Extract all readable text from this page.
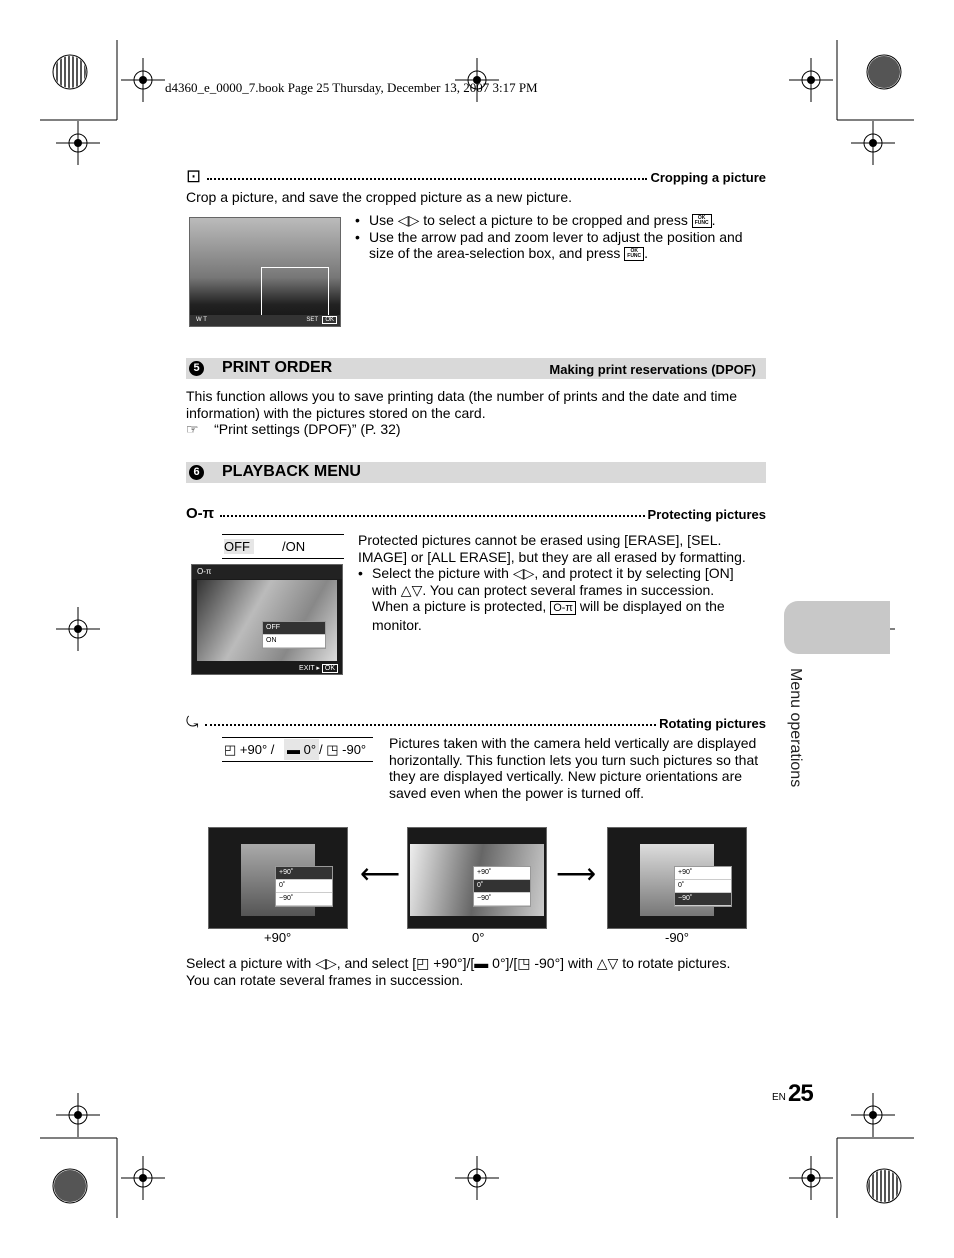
d4360_e_0000_7.book Page 25 Thursday, December 13, 2007 3:17 PM
⊡	Cropping a picture
Crop a picture, and save the cropped picture as a new picture.
W T	SET	OK
• Use ◁▷ to select a picture to be cropped and press OK
FUNC .
• Use the arrow pad and zoom lever to adjust the position and
size of the area-selection box, and press OK
FUNC .
5 PRINT ORDER	Making print reservations (DPOF)
This function allows you to save printing data (the number of prints and the date and time
information) with the pictures stored on the card.
☞ “Print settings (DPOF)” (P. 32)
6 PLAYBACK MENU
O‐π	Protecting pictures
OFF	/ON
O‐π
OFF
ON
EXIT ▸ OK
Protected pictures cannot be erased using [ERASE], [SEL.
IMAGE] or [ALL ERASE], but they are all erased by formatting.
• Select the picture with ◁▷, and protect it by selecting [ON]
with △▽. You can protect several frames in succession.
When a picture is protected, O‐π will be displayed on the
monitor.
⤿	Rotating pictures
◰ +90° / ▬ 0° / ◳ -90° Pictures taken with the camera held vertically are displayed
horizontally. This function lets you turn such pictures so that
they are displayed vertically. New picture orientations are
saved even when the power is turned off.
+90˚
0˚
−90˚
+90˚
0˚
−90˚
+90˚
0˚
−90˚
⟵	⟶
+90°	0°	-90°
Select a picture with ◁▷, and select [◰ +90°]/[▬ 0°]/[◳ -90°] with △▽ to rotate pictures.
You can rotate several frames in succession.
Menu operations
EN 25
